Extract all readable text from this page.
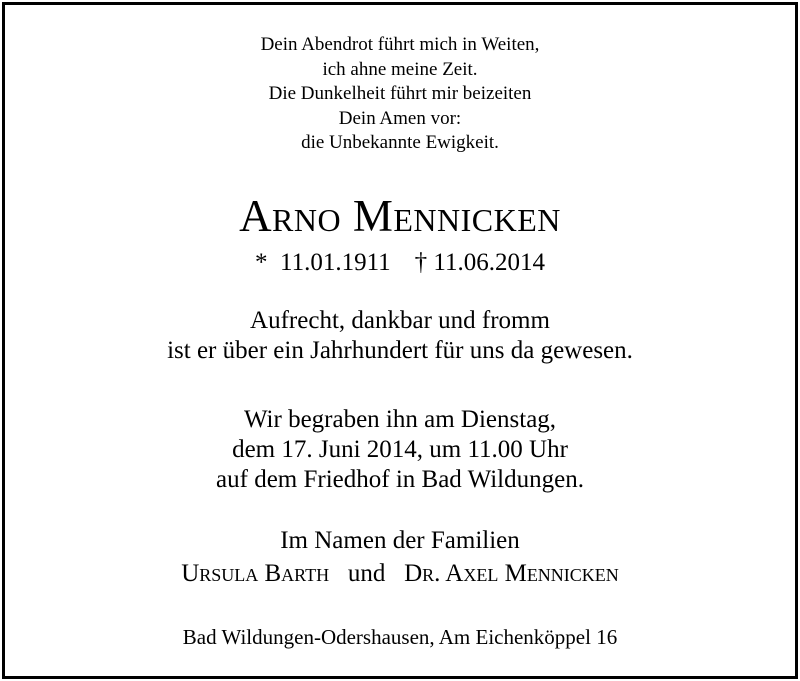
Dein Abendrot führt mich in Weiten,
ich ahne meine Zeit.
Die Dunkelheit führt mir beizeiten
Dein Amen vor:
die Unbekannte Ewigkeit.
Arno Mennicken
* 11.01.1911 † 11.06.2014
Aufrecht, dankbar und fromm
ist er über ein Jahrhundert für uns da gewesen.
Wir begraben ihn am Dienstag,
dem 17. Juni 2014, um 11.00 Uhr
auf dem Friedhof in Bad Wildungen.
Im Namen der Familien
Ursula Barth und Dr. Axel Mennicken
Bad Wildungen-Odershausen, Am Eichenköppel 16
